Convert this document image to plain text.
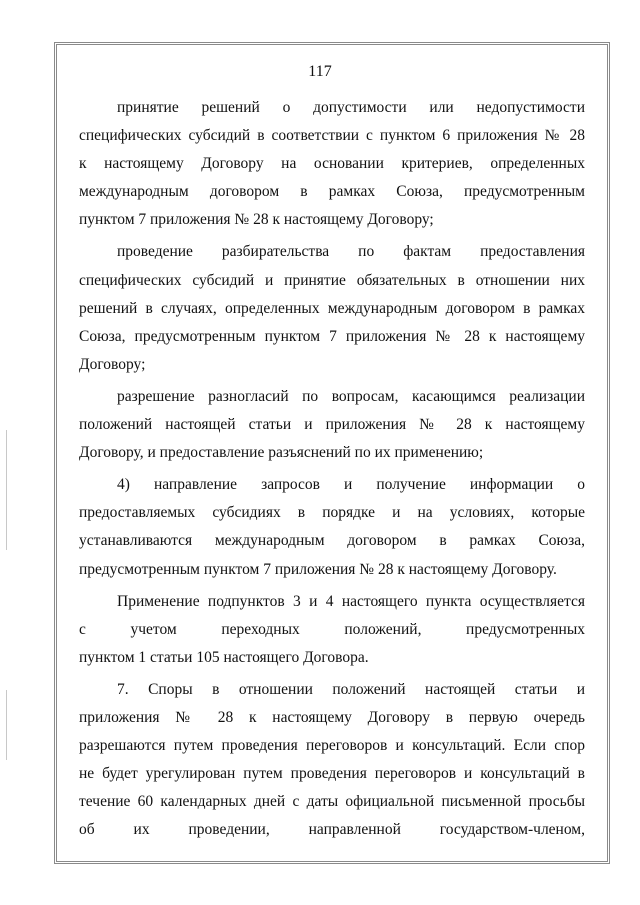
117
принятие решений о допустимости или недопустимости
специфических субсидий в соответствии с пунктом 6 приложения № 28
к настоящему Договору на основании критериев, определенных
международным договором в рамках Союза, предусмотренным
пунктом 7 приложения № 28 к настоящему Договору;
проведение разбирательства по фактам предоставления
специфических субсидий и принятие обязательных в отношении них
решений в случаях, определенных международным договором в рамках
Союза, предусмотренным пунктом 7 приложения № 28 к настоящему
Договору;
разрешение разногласий по вопросам, касающимся реализации
положений настоящей статьи и приложения № 28 к настоящему
Договору, и предоставление разъяснений по их применению;
4) направление запросов и получение информации о
предоставляемых субсидиях в порядке и на условиях, которые
устанавливаются международным договором в рамках Союза,
предусмотренным пунктом 7 приложения № 28 к настоящему Договору.
Применение подпунктов 3 и 4 настоящего пункта осуществляется
с учетом переходных положений, предусмотренных
пунктом 1 статьи 105 настоящего Договора.
7. Споры в отношении положений настоящей статьи и
приложения № 28 к настоящему Договору в первую очередь
разрешаются путем проведения переговоров и консультаций. Если спор
не будет урегулирован путем проведения переговоров и консультаций в
течение 60 календарных дней с даты официальной письменной просьбы
об их проведении, направленной государством-членом,
